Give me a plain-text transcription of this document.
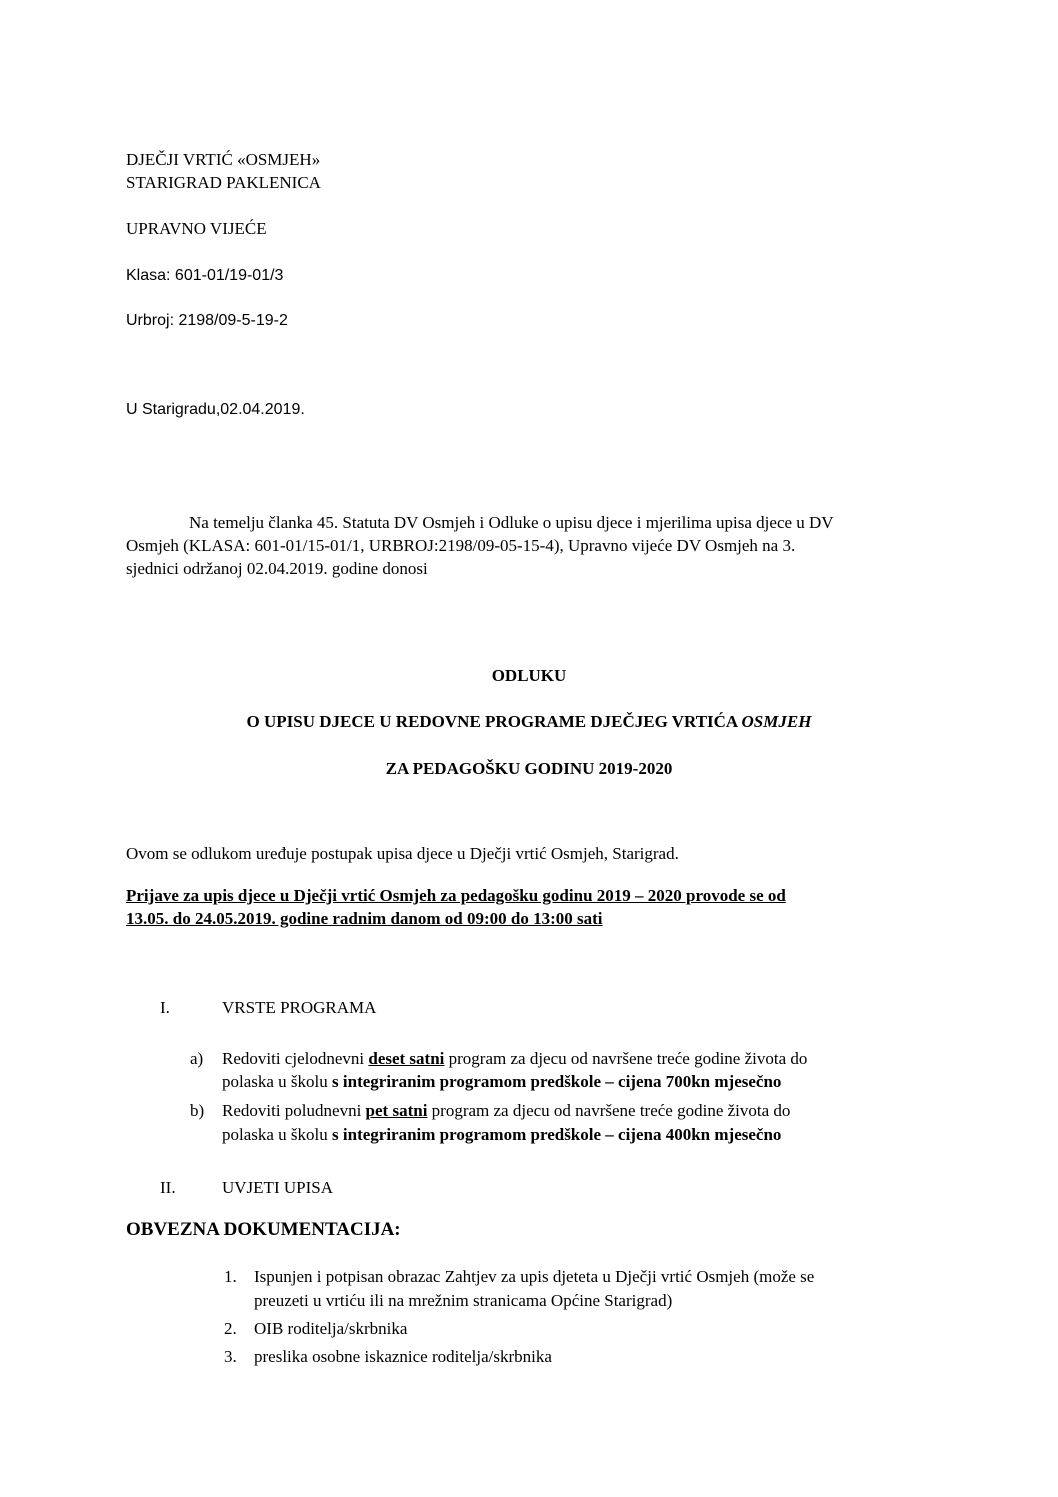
DJEČJI VRTIĆ «OSMJEH»
STARIGRAD PAKLENICA
UPRAVNO VIJEĆE
Klasa: 601-01/19-01/3
Urbroj: 2198/09-5-19-2
U Starigradu,02.04.2019.
Na temelju članka 45. Statuta DV Osmjeh i Odluke o upisu djece i mjerilima upisa djece u DV
Osmjeh (KLASA: 601-01/15-01/1, URBROJ:2198/09-05-15-4), Upravno vijeće DV Osmjeh na 3.
sjednici održanoj 02.04.2019. godine donosi
ODLUKU
O UPISU DJECE U REDOVNE PROGRAME DJEČJEG VRTIĆA OSMJEH
ZA PEDAGOŠKU GODINU 2019-2020
Ovom se odlukom uređuje postupak upisa djece u Dječji vrtić Osmjeh, Starigrad.
Prijave za upis djece u Dječji vrtić Osmjeh za pedagošku godinu 2019 – 2020 provode se od
13.05. do 24.05.2019. godine radnim danom od 09:00 do 13:00 sati
I.	VRSTE PROGRAMA
a) Redoviti cjelodnevni deset satni program za djecu od navršene treće godine života do
polaska u školu s integriranim programom predškole – cijena 700kn mjesečno
b) Redoviti poludnevni pet satni program za djecu od navršene treće godine života do
polaska u školu s integriranim programom predškole – cijena 400kn mjesečno
II.	UVJETI UPISA
OBVEZNA DOKUMENTACIJA:
1. Ispunjen i potpisan obrazac Zahtjev za upis djeteta u Dječji vrtić Osmjeh (može se
preuzeti u vrtiću ili na mrežnim stranicama Općine Starigrad)
2. OIB roditelja/skrbnika
3. preslika osobne iskaznice roditelja/skrbnika
